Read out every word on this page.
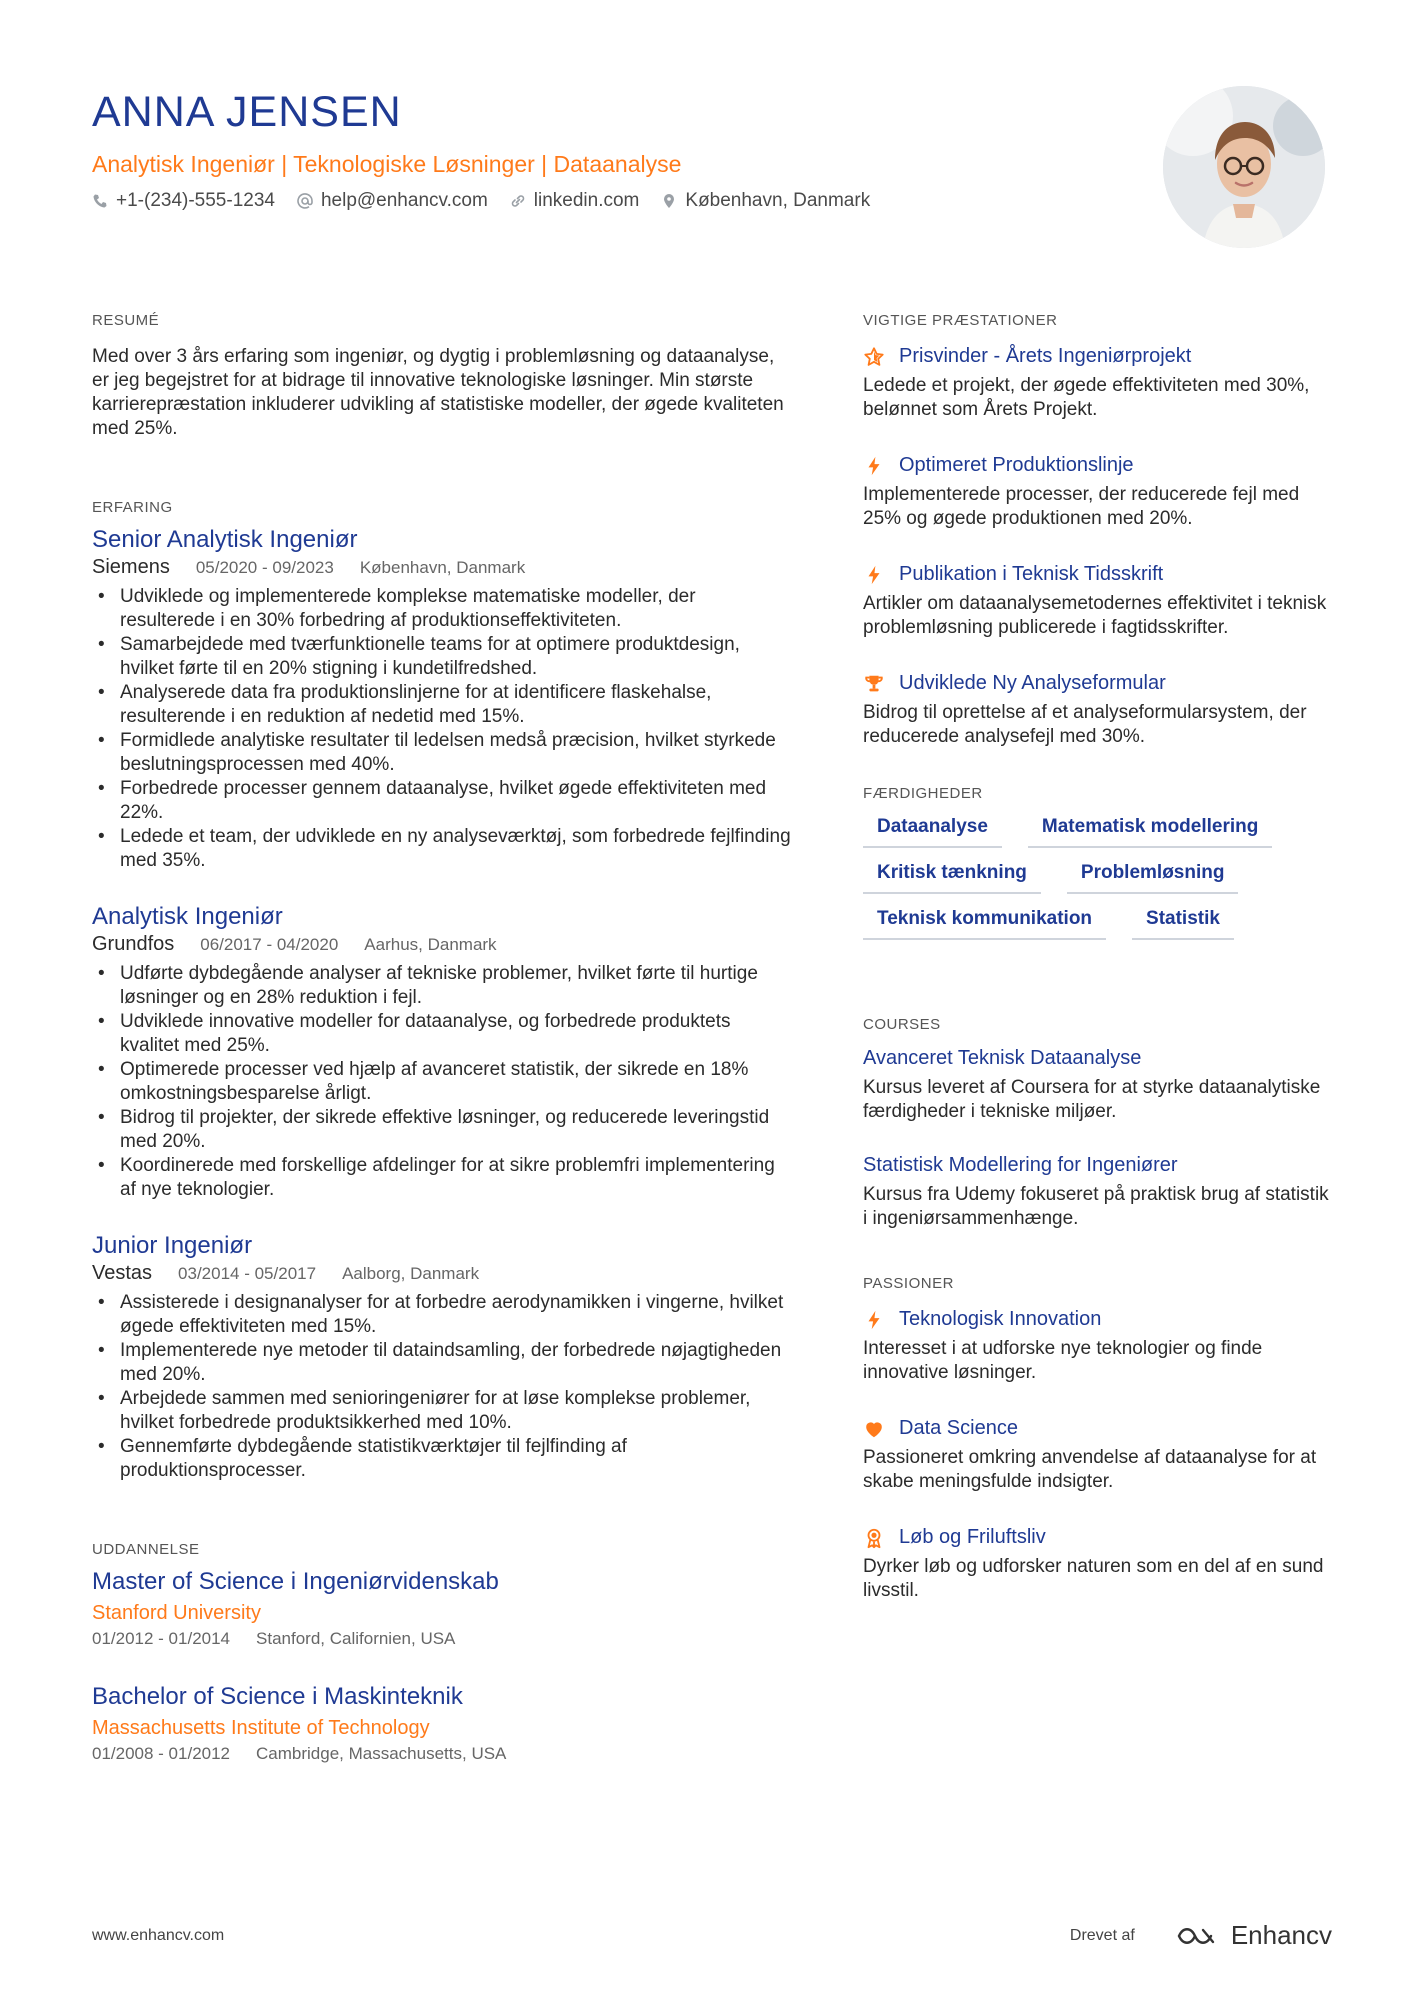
ANNA JENSEN
Analytisk Ingeniør | Teknologiske Løsninger | Dataanalyse
+1-(234)-555-1234 help@enhancv.com linkedin.com København, Danmark
RESUMÉ

Med over 3 års erfaring som ingeniør, og dygtig i problemløsning og dataanalyse, er jeg begejstret for at bidrage til innovative teknologiske løsninger. Min største karrierepræstation inkluderer udvikling af statistiske modeller, der øgede kvaliteten med 25%.

ERFARING
Senior Analytisk Ingeniør
Siemens 05/2020 - 09/2023 København, Danmark
• Udviklede og implementerede komplekse matematiske modeller, der resulterede i en 30% forbedring af produktionseffektiviteten.
• Samarbejdede med tværfunktionelle teams for at optimere produktdesign, hvilket førte til en 20% stigning i kundetilfredshed.
• Analyserede data fra produktionslinjerne for at identificere flaskehalse, resulterende i en reduktion af nedetid med 15%.
• Formidlede analytiske resultater til ledelsen medså præcision, hvilket styrkede beslutningsprocessen med 40%.
• Forbedrede processer gennem dataanalyse, hvilket øgede effektiviteten med 22%.
• Ledede et team, der udviklede en ny analyseværktøj, som forbedrede fejlfinding med 35%.
Analytisk Ingeniør
Grundfos 06/2017 - 04/2020 Aarhus, Danmark
• Udførte dybdegående analyser af tekniske problemer, hvilket førte til hurtige løsninger og en 28% reduktion i fejl.
• Udviklede innovative modeller for dataanalyse, og forbedrede produktets kvalitet med 25%.
• Optimerede processer ved hjælp af avanceret statistik, der sikrede en 18% omkostningsbesparelse årligt.
• Bidrog til projekter, der sikrede effektive løsninger, og reducerede leveringstid med 20%.
• Koordinerede med forskellige afdelinger for at sikre problemfri implementering af nye teknologier.
Junior Ingeniør
Vestas 03/2014 - 05/2017 Aalborg, Danmark
• Assisterede i designanalyser for at forbedre aerodynamikken i vingerne, hvilket øgede effektiviteten med 15%.
• Implementerede nye metoder til dataindsamling, der forbedrede nøjagtigheden med 20%.
• Arbejdede sammen med senioringeniører for at løse komplekse problemer, hvilket forbedrede produktsikkerhed med 10%.
• Gennemførte dybdegående statistikværktøjer til fejlfinding af produktionsprocesser.
UDDANNELSE
Master of Science i Ingeniørvidenskab
Stanford University
01/2012 - 01/2014 Stanford, Californien, USA
Bachelor of Science i Maskinteknik
Massachusetts Institute of Technology
01/2008 - 01/2012 Cambridge, Massachusetts, USA
VIGTIGE PRÆSTATIONER
Prisvinder - Årets Ingeniørprojekt
Ledede et projekt, der øgede effektiviteten med 30%, belønnet som Årets Projekt.
Optimeret Produktionslinje
Implementerede processer, der reducerede fejl med 25% og øgede produktionen med 20%.
Publikation i Teknisk Tidsskrift
Artikler om dataanalysemetodernes effektivitet i teknisk problemløsning publicerede i fagtidsskrifter.
Udviklede Ny Analyseformular
Bidrog til oprettelse af et analyseformularsystem, der reducerede analysefejl med 30%.
FÆRDIGHEDER
Dataanalyse	Matematisk modellering
Kritisk tænkning	Problemløsning
Teknisk kommunikation	Statistik
COURSES
Avanceret Teknisk Dataanalyse
Kursus leveret af Coursera for at styrke dataanalytiske færdigheder i tekniske miljøer.
Statistisk Modellering for Ingeniører
Kursus fra Udemy fokuseret på praktisk brug af statistik i ingeniørsammenhænge.
PASSIONER
Teknologisk Innovation
Interesset i at udforske nye teknologier og finde innovative løsninger.
Data Science
Passioneret omkring anvendelse af dataanalyse for at skabe meningsfulde indsigter.
Løb og Friluftsliv
Dyrker løb og udforsker naturen som en del af en sund livsstil.
www.enhancv.com	Drevet af	Enhancv
